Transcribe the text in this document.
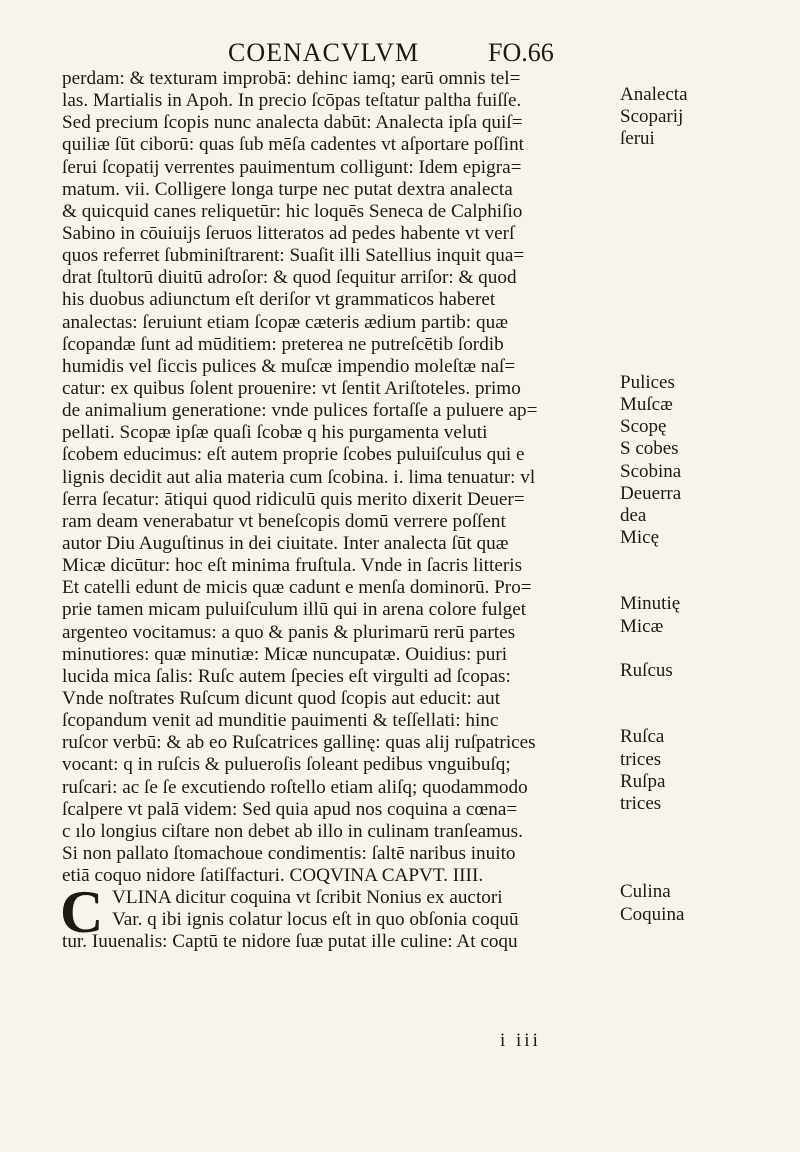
COENACVLVM	FO.66
perdam: & texturam improbā: dehinc iamq; earū omnis tel=
las. Martialis in Apoh. In precio ſcōpas teſtatur paltha fuiſſe.
Sed precium ſcopis nunc analecta dabūt: Analecta ipſa quiſ=
quiliæ ſūt ciborū: quas ſub mēſa cadentes vt aſportare poſſint
ſerui ſcopatij verrentes pauimentum colligunt: Idem epigra=
matum. vii. Colligere longa turpe nec putat dextra analecta
& quicquid canes reliquetūr: hic loquēs Seneca de Calphiſio
Sabino in cōuiuijs ſeruos litteratos ad pedes habente vt verſ
quos referret ſubminiſtrarent: Suaſit illi Satellius inquit qua=
drat ſtultorū diuitū adroſor: & quod ſequitur arriſor: & quod
his duobus adiunctum eſt deriſor vt grammaticos haberet
analectas: ſeruiunt etiam ſcopæ cæteris ædium partib: quæ
ſcopandæ ſunt ad mūditiem: preterea ne putreſcētib ſordib
humidis vel ſiccis pulices & muſcæ impendio moleſtæ naſ=
catur: ex quibus ſolent prouenire: vt ſentit Ariſtoteles. primo
de animalium generatione: vnde pulices fortaſſe a puluere ap=
pellati. Scopæ ipſæ quaſi ſcobæ q his purgamenta veluti
ſcobem educimus: eſt autem proprie ſcobes puluiſculus qui e
lignis decidit aut alia materia cum ſcobina. i. lima tenuatur: vl
ſerra ſecatur: ātiqui quod ridiculū quis merito dixerit Deuer=
ram deam venerabatur vt beneſcopis domū verrere poſſent
autor Diu Auguſtinus in dei ciuitate. Inter analecta ſūt quæ
Micæ dicūtur: hoc eſt minima fruſtula. Vnde in ſacris litteris
Et catelli edunt de micis quæ cadunt e menſa dominorū. Pro=
prie tamen micam puluiſculum illū qui in arena colore fulget
argenteo vocitamus: a quo & panis & plurimarū rerū partes
minutiores: quæ minutiæ: Micæ nuncupatæ. Ouidius: puri
lucida mica ſalis: Ruſc autem ſpecies eſt virgulti ad ſcopas:
Vnde noſtrates Ruſcum dicunt quod ſcopis aut educit: aut
ſcopandum venit ad munditie pauimenti & teſſellati: hinc
ruſcor verbū: & ab eo Ruſcatrices gallinę: quas alij ruſpatrices
vocant: q in ruſcis & pulueroſis ſoleant pedibus vnguibuſq;
ruſcari: ac ſe ſe excutiendo roſtello etiam aliſq; quodammodo
ſcalpere vt palā videm: Sed quia apud nos coquina a cœna=
c ılo longius ciſtare non debet ab illo in culinam tranſeamus.
Si non pallato ſtomachoue condimentis: ſaltē naribus inuito
etiā coquo nidore ſatiſfacturi. COQVINA CAPVT. IIII.
C VLINA dicitur coquina vt ſcribit Nonius ex auctori
Var. q ibi ignis colatur locus eſt in quo obſonia coquū
tur. Iuuenalis: Captū te nidore ſuæ putat ille culine: At coqu
Analecta
Scoparij
ſerui
Pulices
Muſcæ
Scopę
S cobes
Scobina
Deuerra
dea
Micę
Minutię
Micæ
Ruſcus
Ruſca
trices
Ruſpa
trices
Culina
Coquina
i iii
